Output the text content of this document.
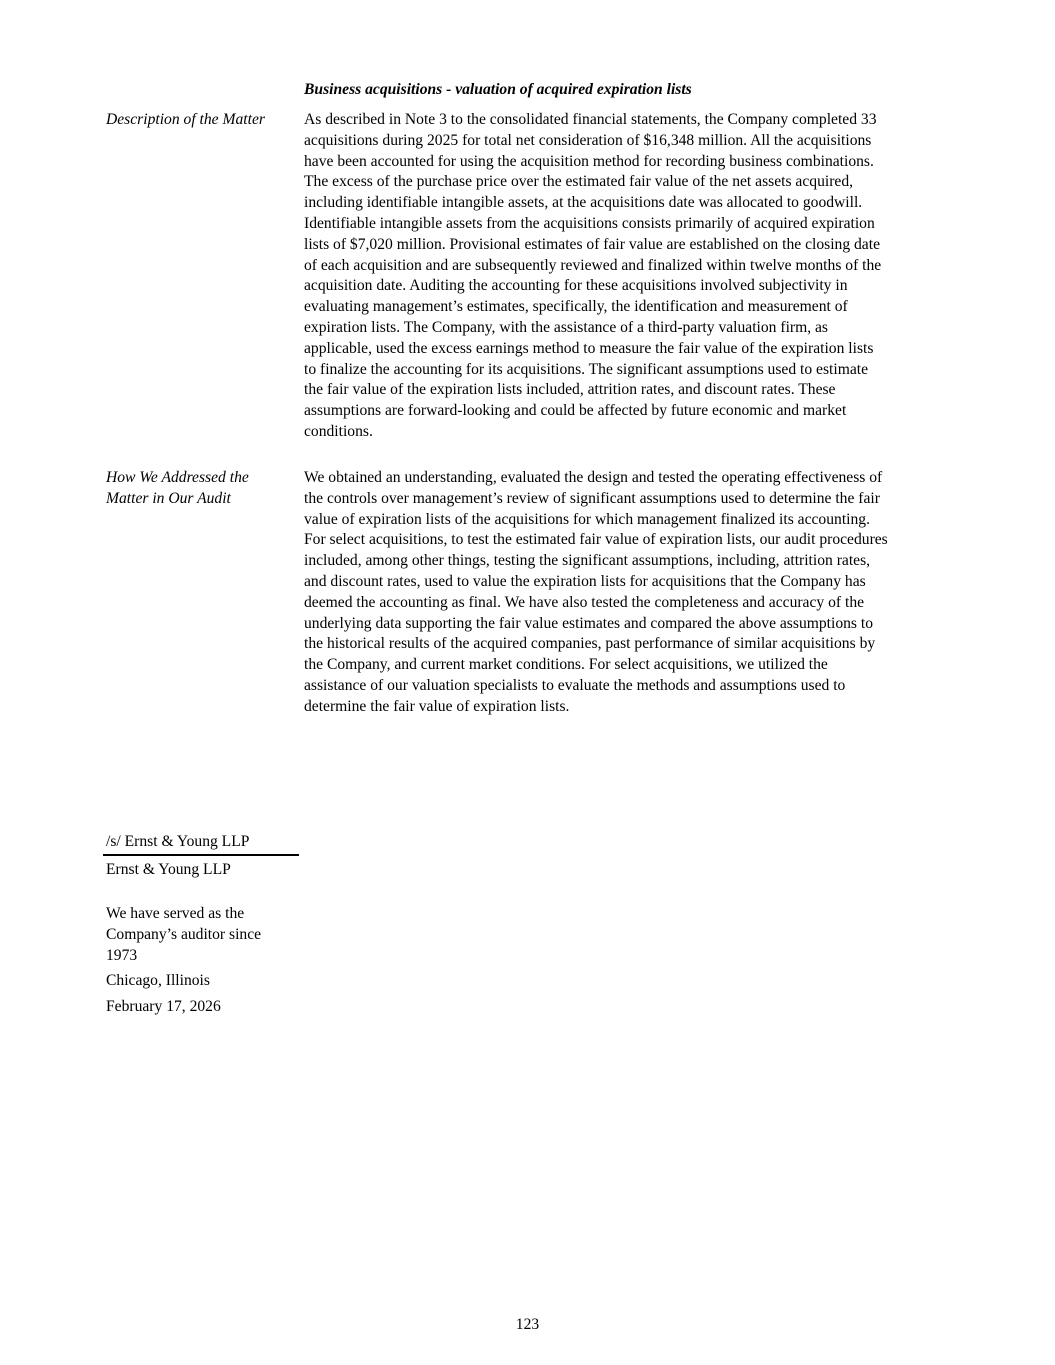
Business acquisitions - valuation of acquired expiration lists
Description of the Matter	As described in Note 3 to the consolidated financial statements, the Company completed 33
acquisitions during 2025 for total net consideration of $16,348 million. All the acquisitions
have been accounted for using the acquisition method for recording business combinations.
The excess of the purchase price over the estimated fair value of the net assets acquired,
including identifiable intangible assets, at the acquisitions date was allocated to goodwill.
Identifiable intangible assets from the acquisitions consists primarily of acquired expiration
lists of $7,020 million. Provisional estimates of fair value are established on the closing date
of each acquisition and are subsequently reviewed and finalized within twelve months of the
acquisition date. Auditing the accounting for these acquisitions involved subjectivity in
evaluating management’s estimates, specifically, the identification and measurement of
expiration lists. The Company, with the assistance of a third-party valuation firm, as
applicable, used the excess earnings method to measure the fair value of the expiration lists
to finalize the accounting for its acquisitions. The significant assumptions used to estimate
the fair value of the expiration lists included, attrition rates, and discount rates. These
assumptions are forward-looking and could be affected by future economic and market
conditions.
How We Addressed the Matter in Our Audit
We obtained an understanding, evaluated the design and tested the operating effectiveness of
the controls over management’s review of significant assumptions used to determine the fair
value of expiration lists of the acquisitions for which management finalized its accounting.
For select acquisitions, to test the estimated fair value of expiration lists, our audit procedures
included, among other things, testing the significant assumptions, including, attrition rates,
and discount rates, used to value the expiration lists for acquisitions that the Company has
deemed the accounting as final. We have also tested the completeness and accuracy of the
underlying data supporting the fair value estimates and compared the above assumptions to
the historical results of the acquired companies, past performance of similar acquisitions by
the Company, and current market conditions. For select acquisitions, we utilized the
assistance of our valuation specialists to evaluate the methods and assumptions used to
determine the fair value of expiration lists.
/s/ Ernst & Young LLP
Ernst & Young LLP
We have served as the Company’s auditor since 1973
Chicago, Illinois
February 17, 2026
123
